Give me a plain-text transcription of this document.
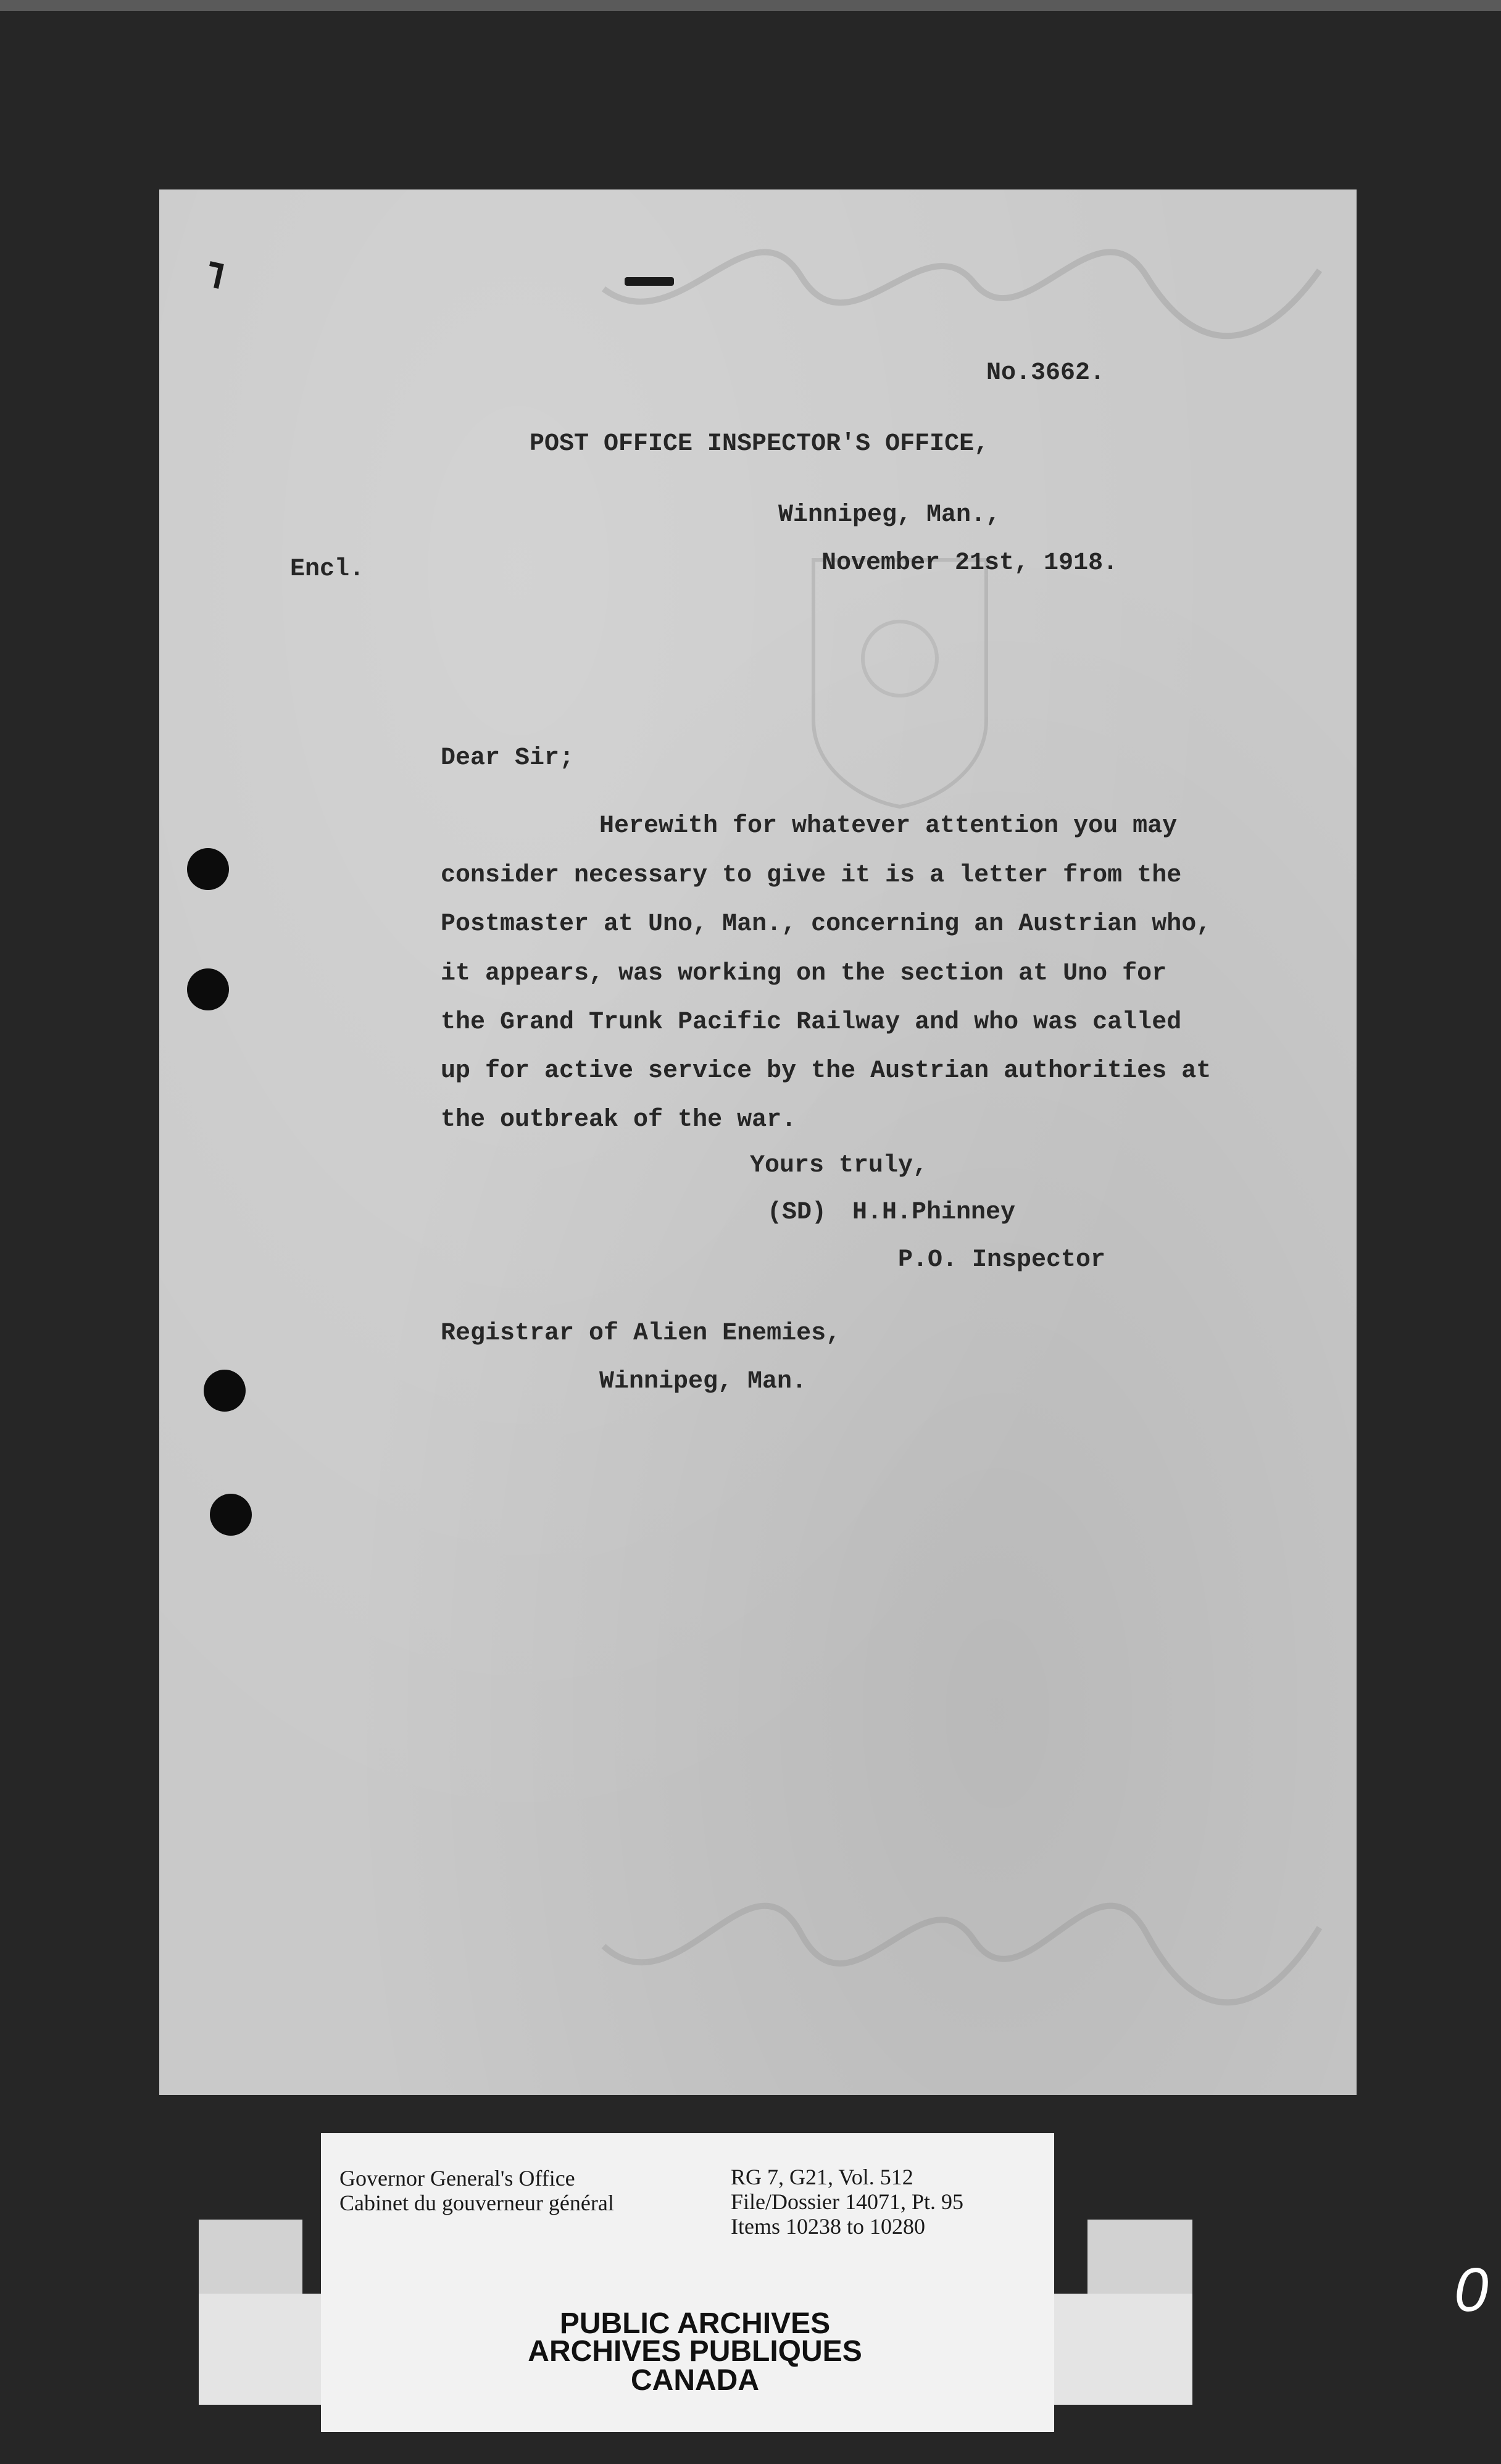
No.3662.
POST OFFICE INSPECTOR'S OFFICE,
Winnipeg, Man.,
Encl.	November 21st, 1918.
Dear Sir;
Herewith for whatever attention you may
consider necessary to give it is a letter from the
Postmaster at Uno, Man., concerning an Austrian who,
it appears, was working on the section at Uno for
the Grand Trunk Pacific Railway and who was called
up for active service by the Austrian authorities at
the outbreak of the war.
Yours truly,
(SD) H.H.Phinney
P.O. Inspector
Registrar of Alien Enemies,
Winnipeg, Man.
Governor General's Office
Cabinet du gouverneur général
RG 7, G21, Vol. 512
File/Dossier 14071, Pt. 95
Items 10238 to 10280
PUBLIC ARCHIVES
ARCHIVES PUBLIQUES
CANADA
0
